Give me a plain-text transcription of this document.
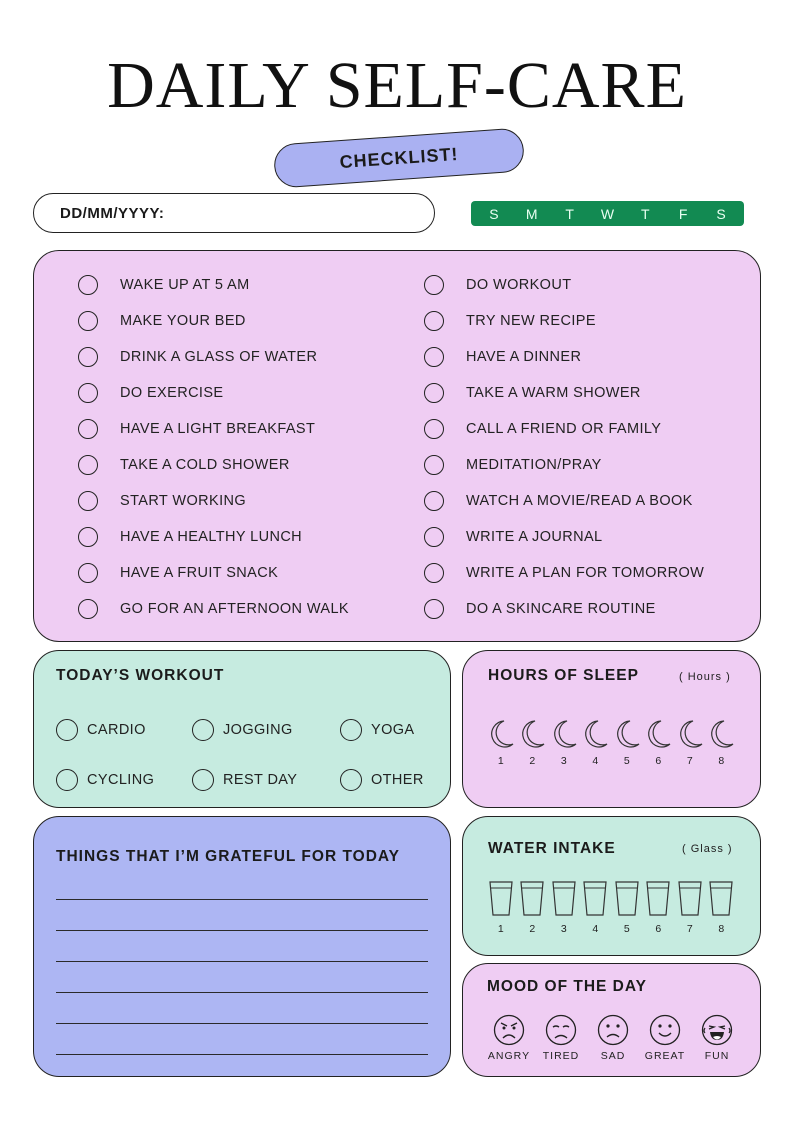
DAILY SELF-CARE
CHECKLIST!
DD/MM/YYYY:	S	M	T	W	T	F	S
WAKE UP AT 5 AM
MAKE YOUR BED
DRINK A GLASS OF WATER
DO EXERCISE
HAVE A LIGHT BREAKFAST
TAKE A COLD SHOWER
START WORKING
HAVE A HEALTHY LUNCH
HAVE A FRUIT SNACK
GO FOR AN AFTERNOON WALK
DO WORKOUT
TRY NEW RECIPE
HAVE A DINNER
TAKE A WARM SHOWER
CALL A FRIEND OR FAMILY
MEDITATION/PRAY
WATCH A MOVIE/READ A BOOK
WRITE A JOURNAL
WRITE A PLAN FOR TOMORROW
DO A SKINCARE ROUTINE
TODAY’S WORKOUT
CARDIO	JOGGING	YOGA
CYCLING	REST DAY	OTHER
HOURS OF SLEEP	( Hours )
1 2 3 4 5 6 7 8
THINGS THAT I’M GRATEFUL FOR TODAY	WATER INTAKE	( Glass )
1 2 3 4 5 6 7 8
MOOD OF THE DAY
ANGRY TIRED SAD GREAT FUN
